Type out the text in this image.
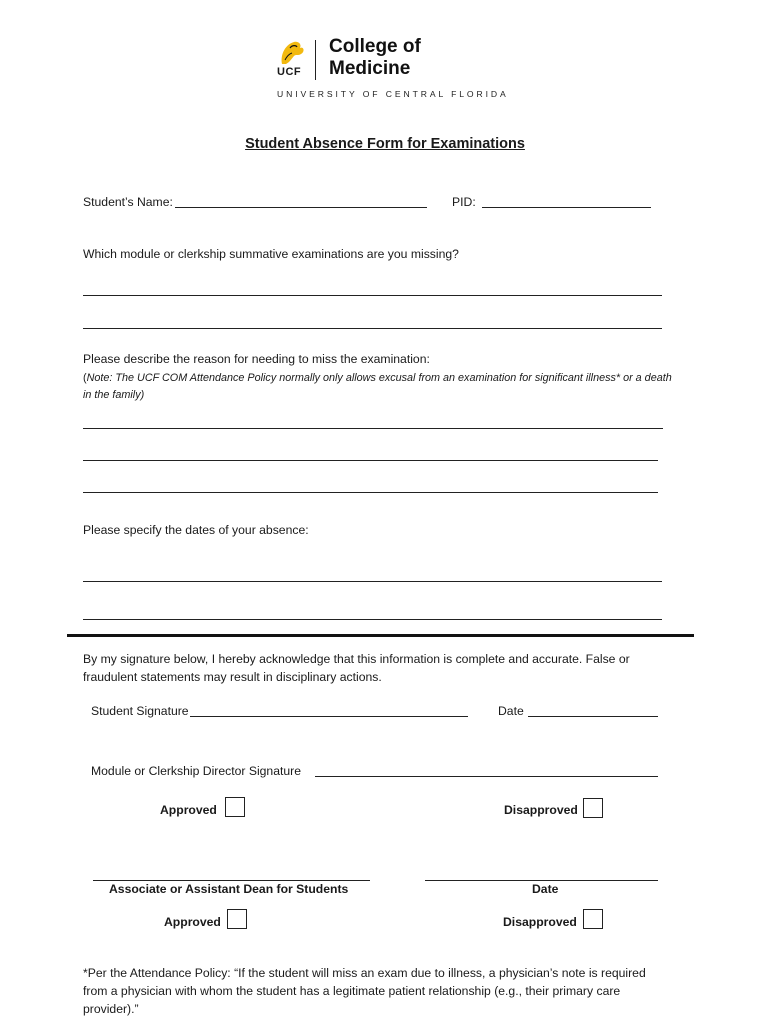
UCF
College of
Medicine
UNIVERSITY OF CENTRAL FLORIDA
Student Absence Form for Examinations
Student’s Name:	PID:
Which module or clerkship summative examinations are you missing?
Please describe the reason for needing to miss the examination:
(Note: The UCF COM Attendance Policy normally only allows excusal from an examination for significant illness* or a death in the family)
Please specify the dates of your absence:
By my signature below, I hereby acknowledge that this information is complete and accurate. False or fraudulent statements may result in disciplinary actions.
Student Signature	Date
Module or Clerkship Director Signature
Approved	Disapproved
Associate or Assistant Dean for Students	Date
Approved	Disapproved
*Per the Attendance Policy: “If the student will miss an exam due to illness, a physician’s note is required from a physician with whom the student has a legitimate patient relationship (e.g., their primary care provider).”
